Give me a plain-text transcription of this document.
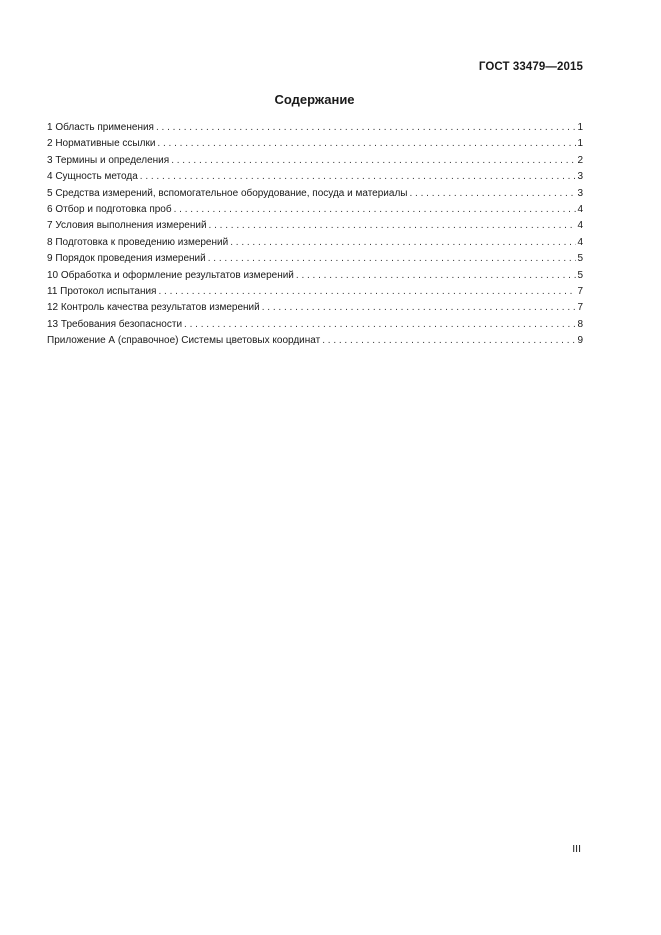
ГОСТ 33479—2015
Содержание
1 Область применения . . .	1
2 Нормативные ссылки . . .	1
3 Термины и определения . . .	2
4 Сущность метода . . .	3
5 Средства измерений, вспомогательное оборудование, посуда и материалы . . .	3
6 Отбор и подготовка проб . . .	4
7 Условия выполнения измерений . . .	4
8 Подготовка к проведению измерений . . .	4
9 Порядок проведения измерений . . .	5
10 Обработка и оформление результатов измерений . . .	5
11 Протокол испытания . . .	7
12 Контроль качества результатов измерений . . .	7
13 Требования безопасности . . .	8
Приложение А (справочное) Системы цветовых координат . . .	9
III
